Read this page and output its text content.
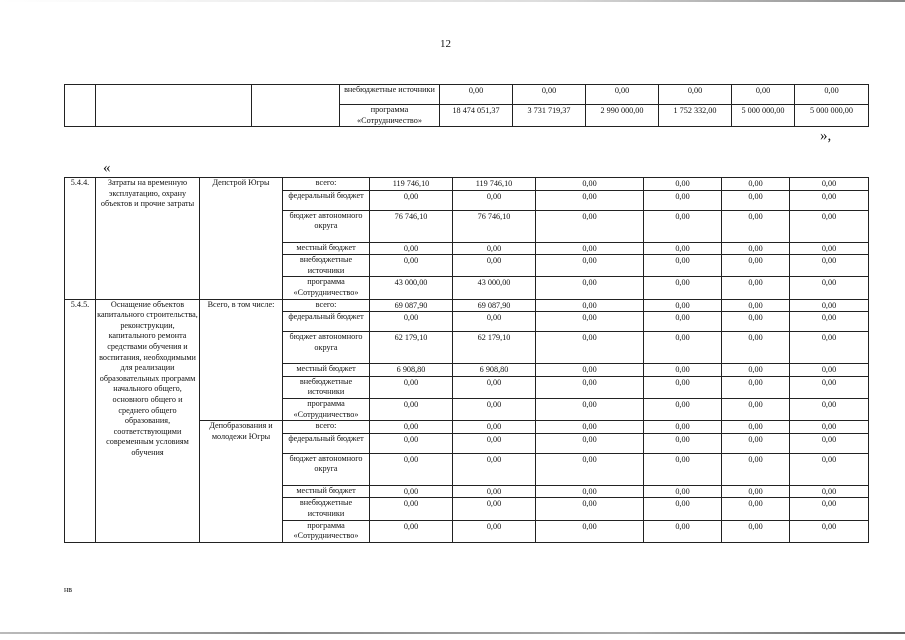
12
			внебюджетные источники	0,00	0,00	0,00	0,00	0,00	0,00
			программа «Сотрудничество»	18 474 051,37	3 731 719,37	2 990 000,00	1 752 332,00	5 000 000,00	5 000 000,00
»,
«
5.4.4.	Затраты на временную эксплуатацию, охрану объектов и прочие затраты	Депстрой Югры	всего:	119 746,10	119 746,10	0,00	0,00	0,00	0,00
			федеральный бюджет	0,00	0,00	0,00	0,00	0,00	0,00
			бюджет автономного округа	76 746,10	76 746,10	0,00	0,00	0,00	0,00
			местный бюджет	0,00	0,00	0,00	0,00	0,00	0,00
			внебюджетные источники	0,00	0,00	0,00	0,00	0,00	0,00
			программа «Сотрудничество»	43 000,00	43 000,00	0,00	0,00	0,00	0,00
5.4.5.	Оснащение объектов капитального строительства, реконструкции, капитального ремонта средствами обучения и воспитания, необходимыми для реализации образовательных программ начального общего, основного общего и среднего общего образования, соответствующими современным условиям обучения	Всего, в том числе:	всего:	69 087,90	69 087,90	0,00	0,00	0,00	0,00
			федеральный бюджет	0,00	0,00	0,00	0,00	0,00	0,00
			бюджет автономного округа	62 179,10	62 179,10	0,00	0,00	0,00	0,00
			местный бюджет	6 908,80	6 908,80	0,00	0,00	0,00	0,00
			внебюджетные источники	0,00	0,00	0,00	0,00	0,00	0,00
			программа «Сотрудничество»	0,00	0,00	0,00	0,00	0,00	0,00
		Депобразования и молодежи Югры	всего:	0,00	0,00	0,00	0,00	0,00	0,00
			федеральный бюджет	0,00	0,00	0,00	0,00	0,00	0,00
			бюджет автономного округа	0,00	0,00	0,00	0,00	0,00	0,00
			местный бюджет	0,00	0,00	0,00	0,00	0,00	0,00
			внебюджетные источники	0,00	0,00	0,00	0,00	0,00	0,00
			программа «Сотрудничество»	0,00	0,00	0,00	0,00	0,00	0,00
нв
